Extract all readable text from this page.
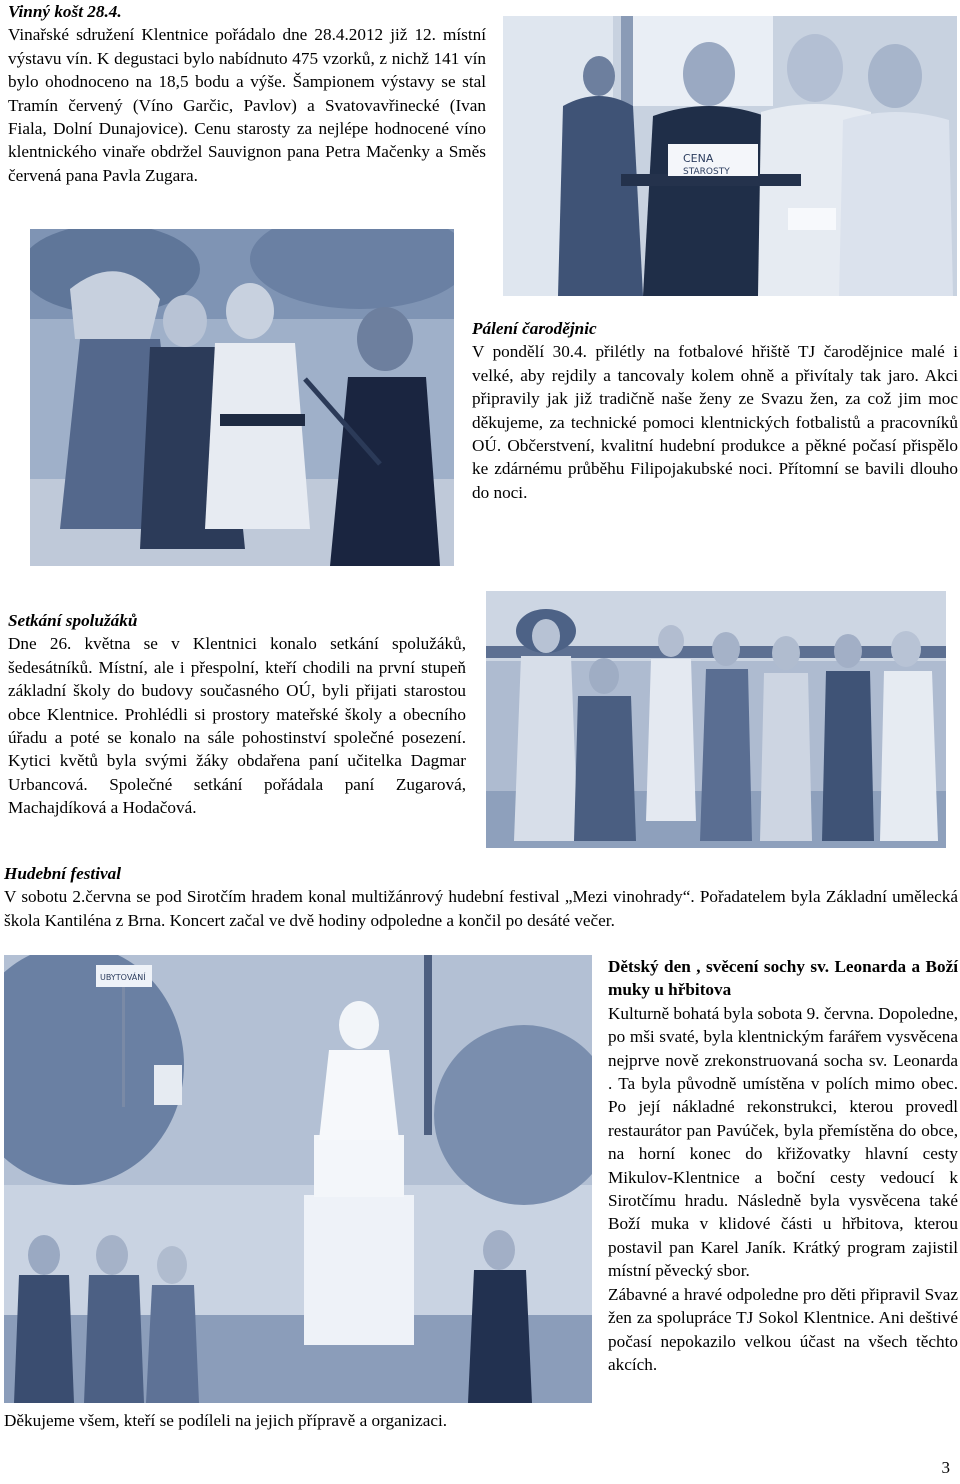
Vinný košt 28.4.

Vinařské sdružení Klentnice pořádalo dne 28.4.2012 již 12. místní výstavu vín. K degustaci bylo nabídnuto 475 vzorků, z nichž 141 vín bylo ohodnoceno na 18,5 bodu a výše. Šampionem výstavy se stal Tramín červený (Víno Garčic, Pavlov) a Svatovavřinecké (Ivan Fiala, Dolní Dunajovice). Cenu starosty za nejlépe hodnocené víno klentnického vinaře obdržel Sauvignon pana Petra Mačenky a Směs červená pana Pavla Zugara.

CENA
STAROSTY
Pálení čarodějnic

V pondělí 30.4. přilétly na fotbalové hřiště TJ čarodějnice malé i velké, aby rejdily a tancovaly kolem ohně a přivítaly tak jaro. Akci připravily jak již tradičně naše ženy ze Svazu žen, za což jim moc děkujeme, za technické pomoci klentnických fotbalistů a pracovníků OÚ. Občerstvení, kvalitní hudební produkce a pěkné počasí přispělo ke zdárnému průběhu Filipojakubské noci. Přítomní se bavili dlouho do noci.

Setkání spolužáků

Dne 26. května se v Klentnici konalo setkání spolužáků, šedesátníků. Místní, ale i přespolní, kteří chodili na první stupeň základní školy do budovy současného OÚ, byli přijati starostou obce Klentnice. Prohlédli si prostory mateřské školy a obecního úřadu a poté se konalo na sále pohostinství společné posezení. Kytici květů byla svými žáky obdařena paní učitelka Dagmar Urbancová. Společné setkání pořádala paní Zugarová, Machajdíková a Hodačová.

Hudební festival

V sobotu 2.června se pod Sirotčím hradem konal multižánrový hudební festival „Mezi vinohrady“. Pořadatelem byla Základní umělecká škola Kantiléna z Brna. Koncert začal ve dvě hodiny odpoledne a končil po desáté večer.

UBYTOVÁNÍ

Děkujeme všem, kteří se podíleli na jejich přípravě a organizaci.

Dětský den , svěcení sochy sv. Leonarda a Boží muky u hřbitova

Kulturně bohatá byla sobota 9. června. Dopoledne, po mši svaté, byla klentnickým farářem vysvěcena nejprve nově zrekonstruovaná socha sv. Leonarda . Ta byla původně umístěna v polích mimo obec. Po její nákladné rekonstrukci, kterou provedl restaurátor pan Pavúček, byla přemístěna do obce, na horní konec do křižovatky hlavní cesty Mikulov-Klentnice a boční cesty vedoucí k Sirotčímu hradu. Následně byla vysvěcena také Boží muka v klidové části u hřbitova, kterou postavil pan Karel Janík. Krátký program zajistil místní pěvecký sbor.

Zábavné a hravé odpoledne pro děti připravil Svaz žen za spolupráce TJ Sokol Klentnice. Ani deštivé počasí nepokazilo velkou účast na všech těchto akcích.

3
